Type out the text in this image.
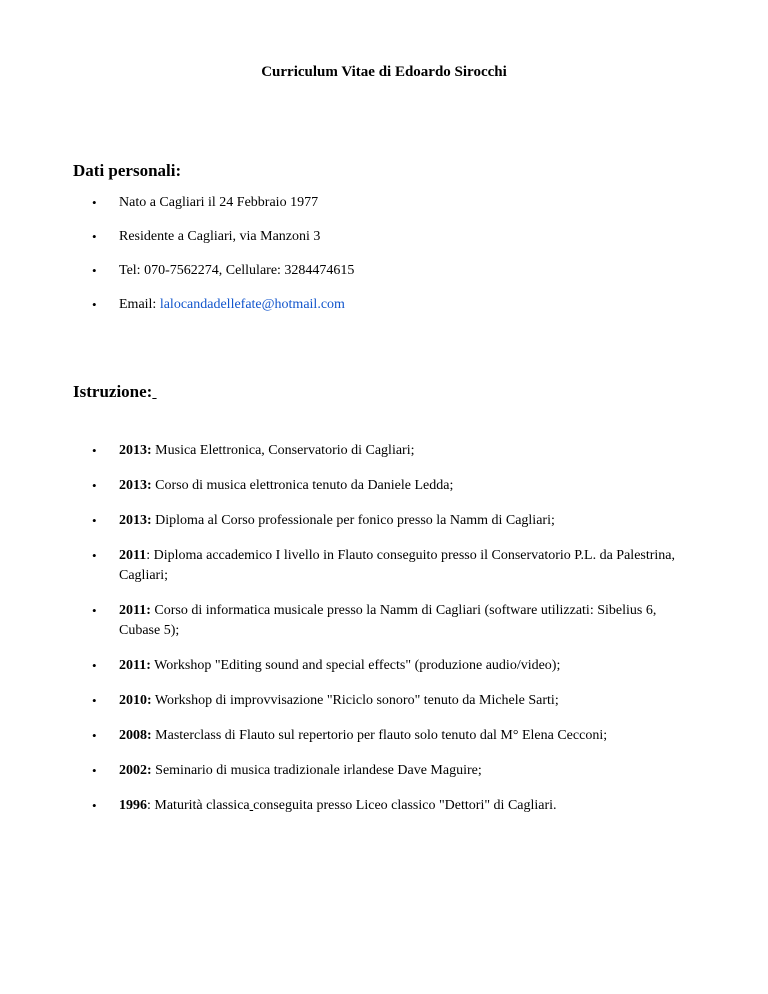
Curriculum Vitae di Edoardo Sirocchi
Dati personali:
• Nato a Cagliari il 24 Febbraio 1977
• Residente a Cagliari, via Manzoni 3
• Tel: 070-7562274, Cellulare: 3284474615
• Email: lalocandadellefate@hotmail.com
Istruzione:
• 2013: Musica Elettronica, Conservatorio di Cagliari;
• 2013: Corso di musica elettronica tenuto da Daniele Ledda;
• 2013: Diploma al Corso professionale per fonico presso la Namm di Cagliari;
• 2011: Diploma accademico I livello in Flauto conseguito presso il Conservatorio P.L. da Palestrina, Cagliari;
• 2011: Corso di informatica musicale presso la Namm di Cagliari (software utilizzati: Sibelius 6, Cubase 5);
• 2011: Workshop "Editing sound and special effects" (produzione audio/video);
• 2010: Workshop di improvvisazione "Riciclo sonoro" tenuto da Michele Sarti;
• 2008: Masterclass di Flauto sul repertorio per flauto solo tenuto dal M° Elena Cecconi;
• 2002: Seminario di musica tradizionale irlandese Dave Maguire;
• 1996: Maturità classica conseguita presso Liceo classico "Dettori" di Cagliari.
